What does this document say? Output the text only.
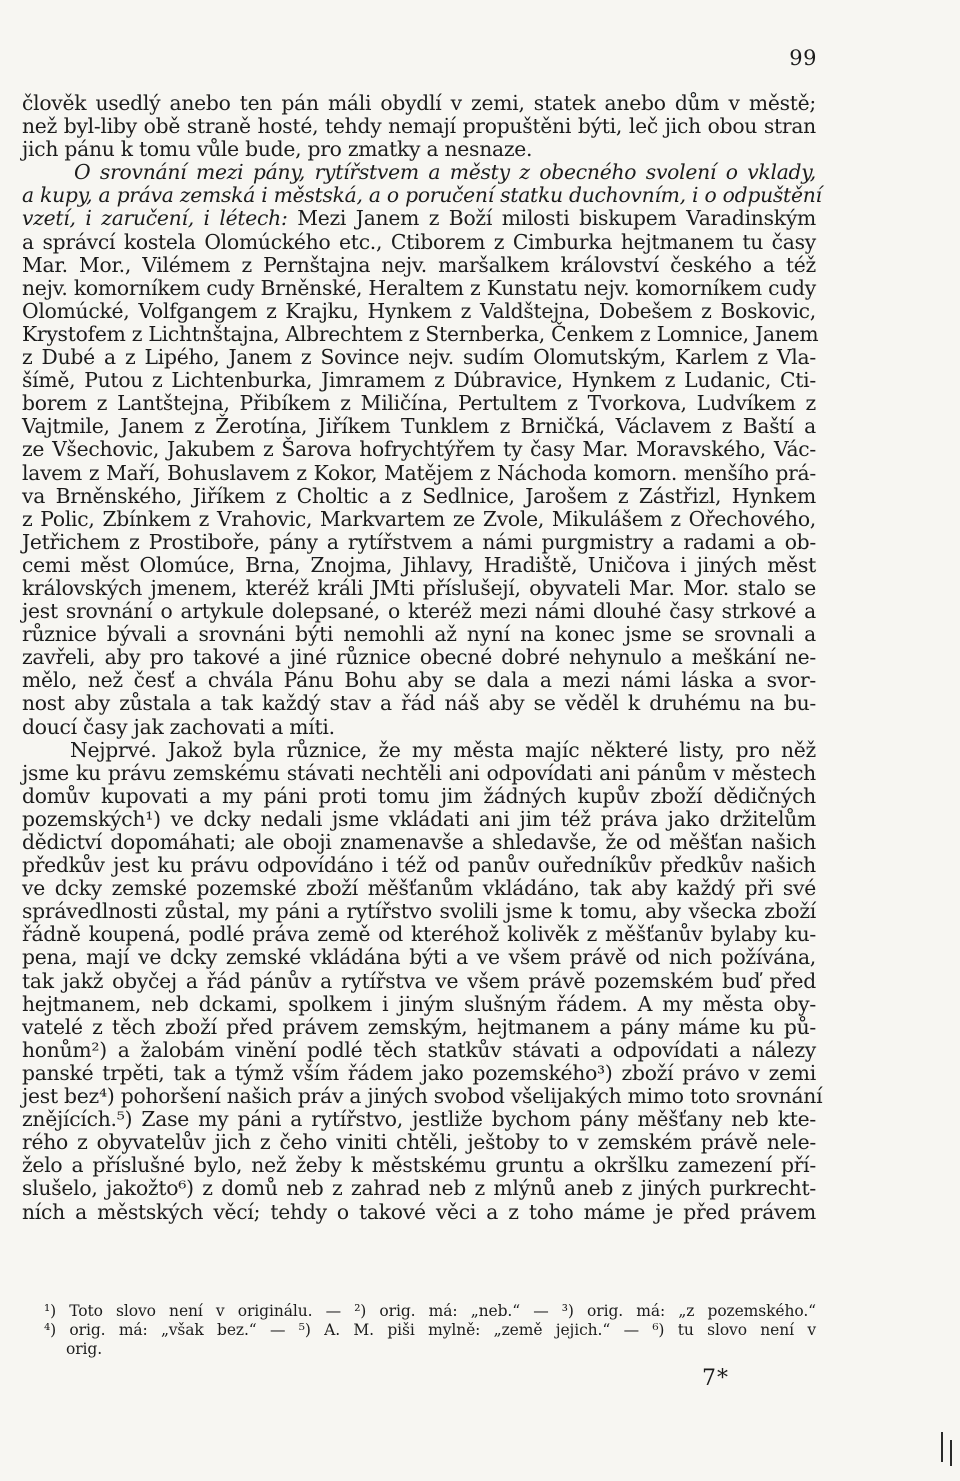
99
člověk usedlý anebo ten pán máli obydlí v zemi, statek anebo dům v městě;
než byl-liby obě straně hosté, tehdy nemají propuštěni býti, leč jich obou stran
jich pánu k tomu vůle bude, pro zmatky a nesnaze.
O srovnání mezi pány, rytířstvem a městy z obecného svolení o vklady,
a kupy, a práva zemská i městská, a o poručení statku duchovním, i o odpuštění
vzetí, i zaručení, i létech: Mezi Janem z Boží milosti biskupem Varadinským
a správcí kostela Olomúckého etc., Ctiborem z Cimburka hejtmanem tu časy
Mar. Mor., Vilémem z Pernštajna nejv. maršalkem království českého a též
nejv. komorníkem cudy Brněnské, Heraltem z Kunstatu nejv. komorníkem cudy
Olomúcké, Volfgangem z Krajku, Hynkem z Valdštejna, Dobešem z Boskovic,
Krystofem z Lichtnštajna, Albrechtem z Sternberka, Čenkem z Lomnice, Janem
z Dubé a z Lipého, Janem z Sovince nejv. sudím Olomutským, Karlem z Vla-
šímě, Putou z Lichtenburka, Jimramem z Dúbravice, Hynkem z Ludanic, Cti-
borem z Lantštejna, Přibíkem z Miličína, Pertultem z Tvorkova, Ludvíkem z
Vajtmile, Janem z Žerotína, Jiříkem Tunklem z Brničká, Václavem z Baští a
ze Všechovic, Jakubem z Šarova hofrychtýřem ty časy Mar. Moravského, Vác-
lavem z Maří, Bohuslavem z Kokor, Matějem z Náchoda komorn. menšího prá-
va Brněnského, Jiříkem z Choltic a z Sedlnice, Jarošem z Zástřizl, Hynkem
z Polic, Zbínkem z Vrahovic, Markvartem ze Zvole, Mikulášem z Ořechového,
Jetřichem z Prostiboře, pány a rytířstvem a námi purgmistry a radami a ob-
cemi měst Olomúce, Brna, Znojma, Jihlavy, Hradiště, Uničova i jiných měst
královských jmenem, kteréž králi JMti příslušejí, obyvateli Mar. Mor. stalo se
jest srovnání o artykule dolepsané, o kteréž mezi námi dlouhé časy strkové a
různice bývali a srovnáni býti nemohli až nyní na konec jsme se srovnali a
zavřeli, aby pro takové a jiné různice obecné dobré nehynulo a meškání ne-
mělo, než česť a chvála Pánu Bohu aby se dala a mezi námi láska a svor-
nost aby zůstala a tak každý stav a řád náš aby se věděl k druhému na bu-
doucí časy jak zachovati a míti.
Nejprvé. Jakož byla různice, že my města majíc některé listy, pro něž
jsme ku právu zemskému stávati nechtěli ani odpovídati ani pánům v městech
domův kupovati a my páni proti tomu jim žádných kupův zboží dědičných
pozemských¹) ve dcky nedali jsme vkládati ani jim též práva jako držitelům
dědictví dopomáhati; ale oboji znamenavše a shledavše, že od měšťan našich
předkův jest ku právu odpovídáno i též od panův ouředníkův předkův našich
ve dcky zemské pozemské zboží měšťanům vkládáno, tak aby každý při své
správedlnosti zůstal, my páni a rytířstvo svolili jsme k tomu, aby všecka zboží
řádně koupená, podlé práva země od kteréhož kolivěk z měšťanův bylaby ku-
pena, mají ve dcky zemské vkládána býti a ve všem právě od nich požívána,
tak jakž obyčej a řád pánův a rytířstva ve všem právě pozemském buď před
hejtmanem, neb dckami, spolkem i jiným slušným řádem. A my města oby-
vatelé z těch zboží před právem zemským, hejtmanem a pány máme ku pů-
honům²) a žalobám vinění podlé těch statkův stávati a odpovídati a nálezy
panské trpěti, tak a týmž vším řádem jako pozemského³) zboží právo v zemi
jest bez⁴) pohoršení našich práv a jiných svobod všelijakých mimo toto srovnání
znějících.⁵) Zase my páni a rytířstvo, jestliže bychom pány měšťany neb kte-
rého z obyvatelův jich z čeho viniti chtěli, ještoby to v zemském právě nele-
želo a příslušné bylo, než žeby k městskému gruntu a okršlku zamezení pří-
slušelo, jakožto⁶) z domů neb z zahrad neb z mlýnů aneb z jiných purkrecht-
ních a městských věcí; tehdy o takové věci a z toho máme je před právem
¹) Toto slovo není v originálu. — ²) orig. má: „neb.“ — ³) orig. má: „z pozemského.“
⁴) orig. má: „však bez.“ — ⁵) A. M. piši mylně: „země jejich.“ — ⁶) tu slovo není v
orig.
7*
